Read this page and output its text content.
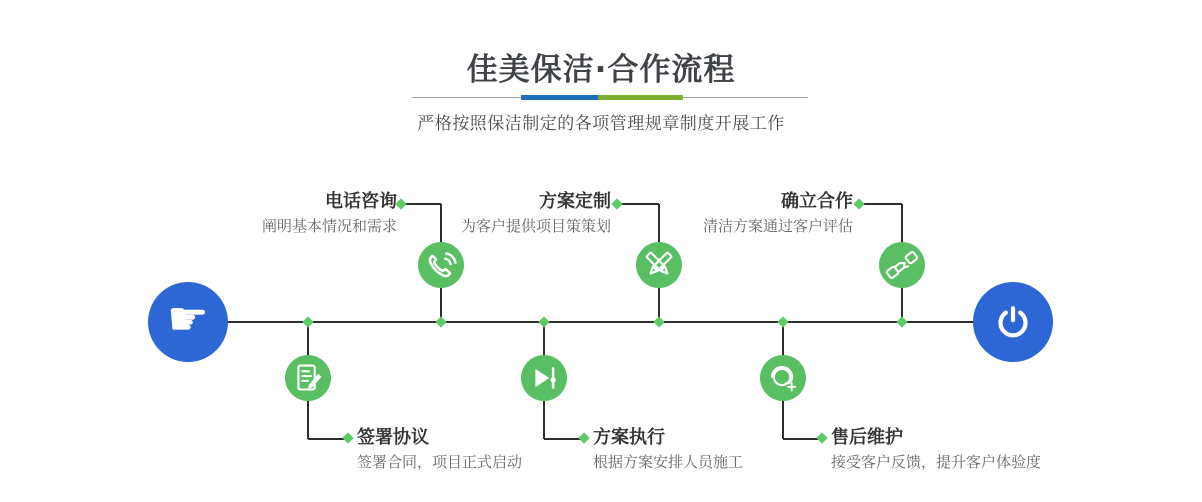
佳美保洁·合作流程

严格按照保洁制定的各项管理规章制度开展工作

电话咨询
阐明基本情况和需求
方案定制
为客户提供项目策策划
确立合作
清洁方案通过客户评估
签署协议
签署合同，项目正式启动
方案执行
根据方案安排人员施工
售后维护
接受客户反馈，提升客户体验度
☛
